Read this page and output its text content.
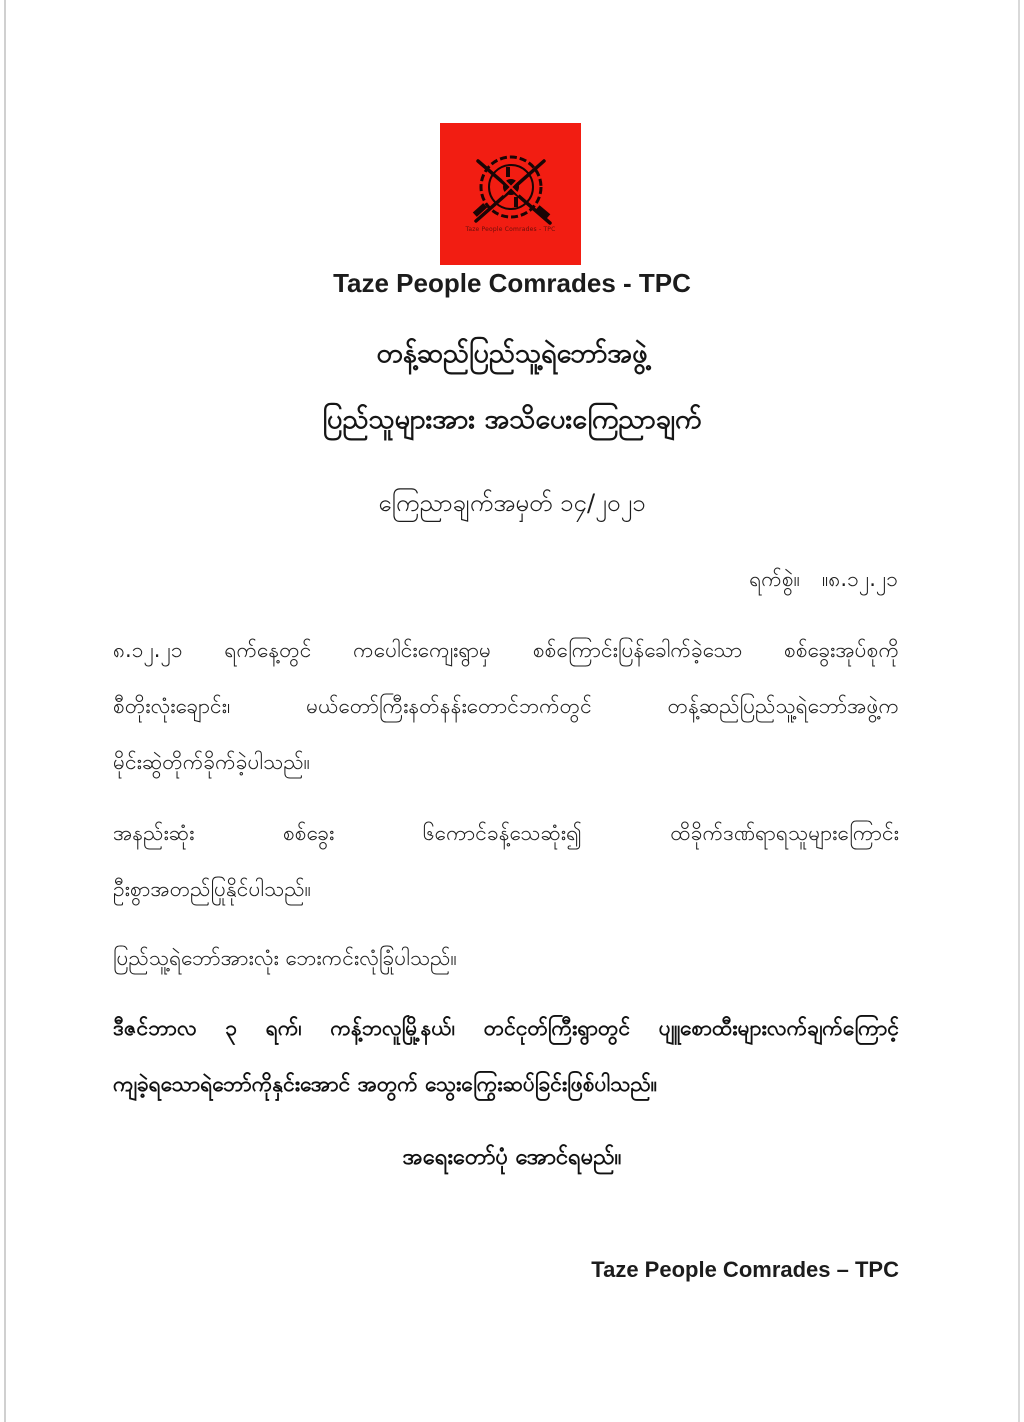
Taze People Comrades - TPC
Taze People Comrades - TPC
တန့်ဆည်ပြည်သူ့ရဲဘော်အဖွဲ့
ပြည်သူများအား အသိပေးကြေညာချက်
ကြေညာချက်အမှတ် ၁၄/၂၀၂၁
ရက်စွဲ။ ။၈.၁၂.၂၁
၈.၁၂.၂၁ ရက်နေ့တွင် ကပေါင်းကျေးရွာမှ စစ်ကြောင်းပြန်ခေါက်ခဲ့သော စစ်ခွေးအုပ်စုကို
စီတိုးလုံးချောင်း၊ မယ်တော်ကြီးနတ်နန်းတောင်ဘက်တွင် တန့်ဆည်ပြည်သူ့ရဲဘော်အဖွဲ့က
မိုင်းဆွဲတိုက်ခိုက်ခဲ့ပါသည်။
အနည်းဆုံး စစ်ခွေး ၆ကောင်ခန့်သေဆုံး၍ ထိခိုက်ဒဏ်ရာရသူများကြောင်း
ဦးစွာအတည်ပြုနိုင်ပါသည်။
ပြည်သူ့ရဲဘော်အားလုံး ဘေးကင်းလုံခြုံပါသည်။
ဒီဇင်ဘာလ ၃ ရက်၊ ကန့်ဘလူမြို့နယ်၊ တင်ငုတ်ကြီးရွာတွင် ပျူစောထီးများလက်ချက်ကြောင့်
ကျခဲ့ရသောရဲဘော်ကိုနှင်းအောင် အတွက် သွေးကြွေးဆပ်ခြင်းဖြစ်ပါသည်။
အရေးတော်ပုံ အောင်ရမည်။
Taze People Comrades – TPC
